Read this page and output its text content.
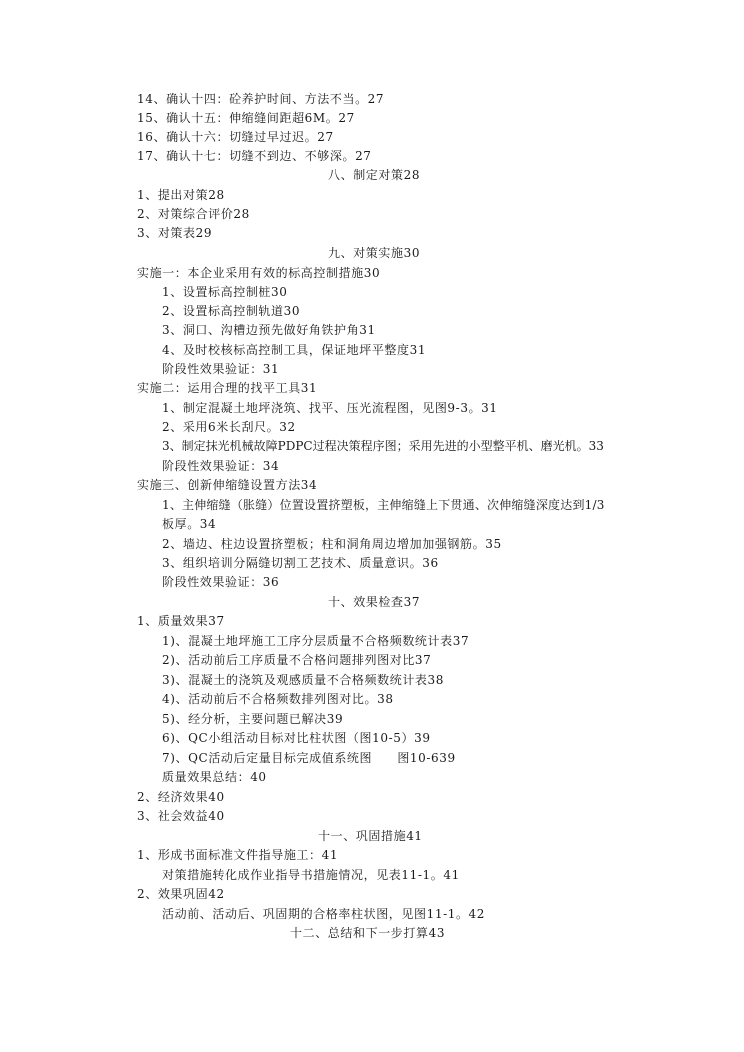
14、确认十四：砼养护时间、方法不当。27
15、确认十五：伸缩缝间距超6M。27
16、确认十六：切缝过早过迟。27
17、确认十七：切缝不到边、不够深。27
八、制定对策28
1、提出对策28
2、对策综合评价28
3、对策表29
九、对策实施30
实施一：本企业采用有效的标高控制措施30
1、设置标高控制桩30
2、设置标高控制轨道30
3、洞口、沟槽边预先做好角铁护角31
4、及时校核标高控制工具，保证地坪平整度31
阶段性效果验证：31
实施二：运用合理的找平工具31
1、制定混凝土地坪浇筑、找平、压光流程图，见图9-3。31
2、采用6米长刮尺。32
3、制定抹光机械故障PDPC过程决策程序图；采用先进的小型整平机、磨光机。33
阶段性效果验证：34
实施三、创新伸缩缝设置方法34
1、主伸缩缝（胀缝）位置设置挤塑板，主伸缩缝上下贯通、次伸缩缝深度达到1/3
板厚。34
2、墙边、柱边设置挤塑板；柱和洞角周边增加加强钢筋。35
3、组织培训分隔缝切割工艺技术、质量意识。36
阶段性效果验证：36
十、效果检查37
1、质量效果37
1)、混凝土地坪施工工序分层质量不合格频数统计表37
2)、活动前后工序质量不合格问题排列图对比37
3)、混凝土的浇筑及观感质量不合格频数统计表38
4)、活动前后不合格频数排列图对比。38
5)、经分析，主要问题已解决39
6)、QC小组活动目标对比柱状图（图10-5）39
7)、QC活动后定量目标完成值系统图　　图10-639
质量效果总结：40
2、经济效果40
3、社会效益40
十一、巩固措施41
1、形成书面标准文件指导施工：41
对策措施转化成作业指导书措施情况，见表11-1。41
2、效果巩固42
活动前、活动后、巩固期的合格率柱状图，见图11-1。42
十二、总结和下一步打算43
